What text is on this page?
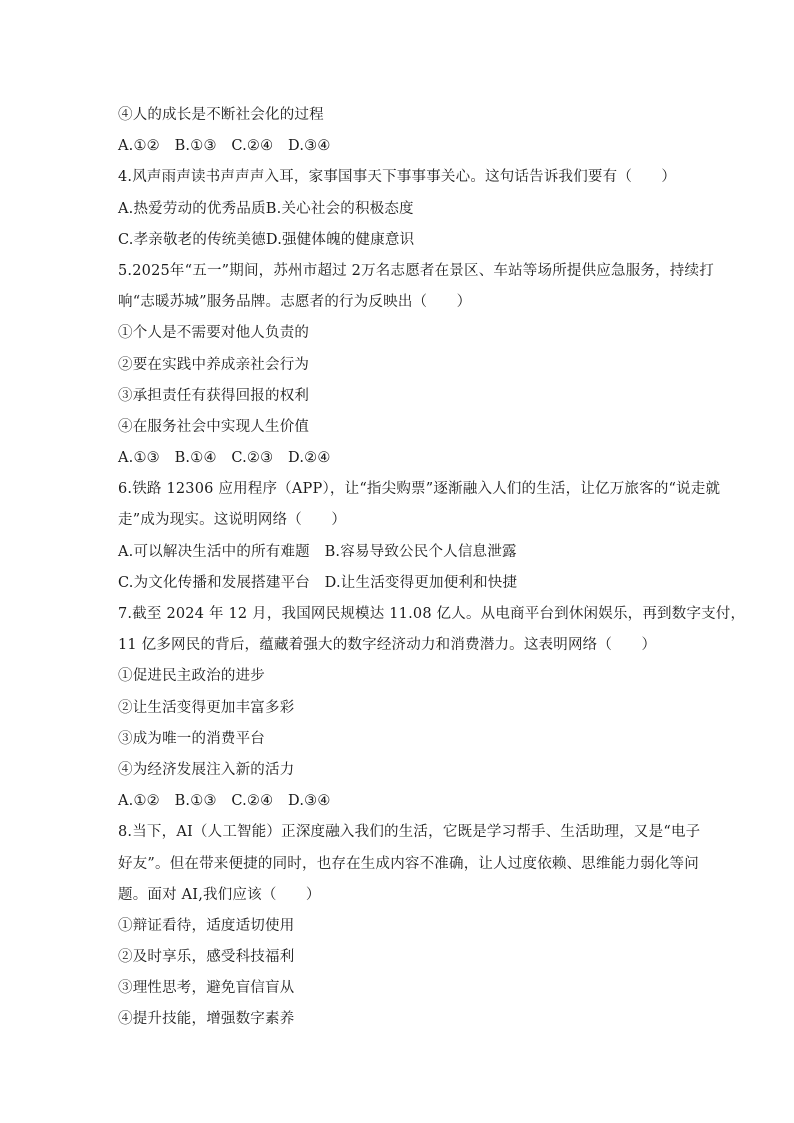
④人的成长是不断社会化的过程
A.①②　B.①③　C.②④　D.③④
4.风声雨声读书声声声入耳，家事国事天下事事事关心。这句话告诉我们要有（　　）
A.热爱劳动的优秀品质B.关心社会的积极态度
C.孝亲敬老的传统美德D.强健体魄的健康意识
5.2025年“五一”期间，苏州市超过 2万名志愿者在景区、车站等场所提供应急服务，持续打
响“志暖苏城”服务品牌。志愿者的行为反映出（　　）
①个人是不需要对他人负责的
②要在实践中养成亲社会行为
③承担责任有获得回报的权利
④在服务社会中实现人生价值
A.①③　B.①④　C.②③　D.②④
6.铁路 12306 应用程序（APP），让“指尖购票”逐渐融入人们的生活，让亿万旅客的“说走就
走”成为现实。这说明网络（　　）
A.可以解决生活中的所有难题　B.容易导致公民个人信息泄露
C.为文化传播和发展搭建平台　D.让生活变得更加便利和快捷
7.截至 2024 年 12 月，我国网民规模达 11.08 亿人。从电商平台到休闲娱乐，再到数字支付，
11 亿多网民的背后，蕴藏着强大的数字经济动力和消费潜力。这表明网络（　　）
①促进民主政治的进步
②让生活变得更加丰富多彩
③成为唯一的消费平台
④为经济发展注入新的活力
A.①②　B.①③　C.②④　D.③④
8.当下，AI（人工智能）正深度融入我们的生活，它既是学习帮手、生活助理，又是“电子
好友”。但在带来便捷的同时，也存在生成内容不准确，让人过度依赖、思维能力弱化等问
题。面对 AI,我们应该（　　）
①辩证看待，适度适切使用
②及时享乐，感受科技福利
③理性思考，避免盲信盲从
④提升技能，增强数字素养
